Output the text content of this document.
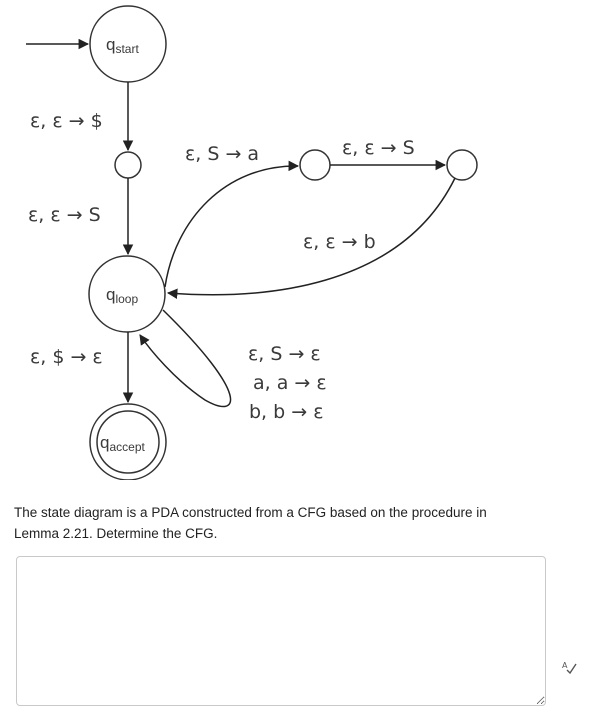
qstart
qloop
qaccept
ε, ε → $
ε, ε → S
ε, S → a	ε, ε → S
ε, ε → b
ε, S → ε
a, a → ε
b, b → ε
ε, $ → ε
The state diagram is a PDA constructed from a CFG based on the procedure in Lemma 2.21. Determine the CFG.
A
